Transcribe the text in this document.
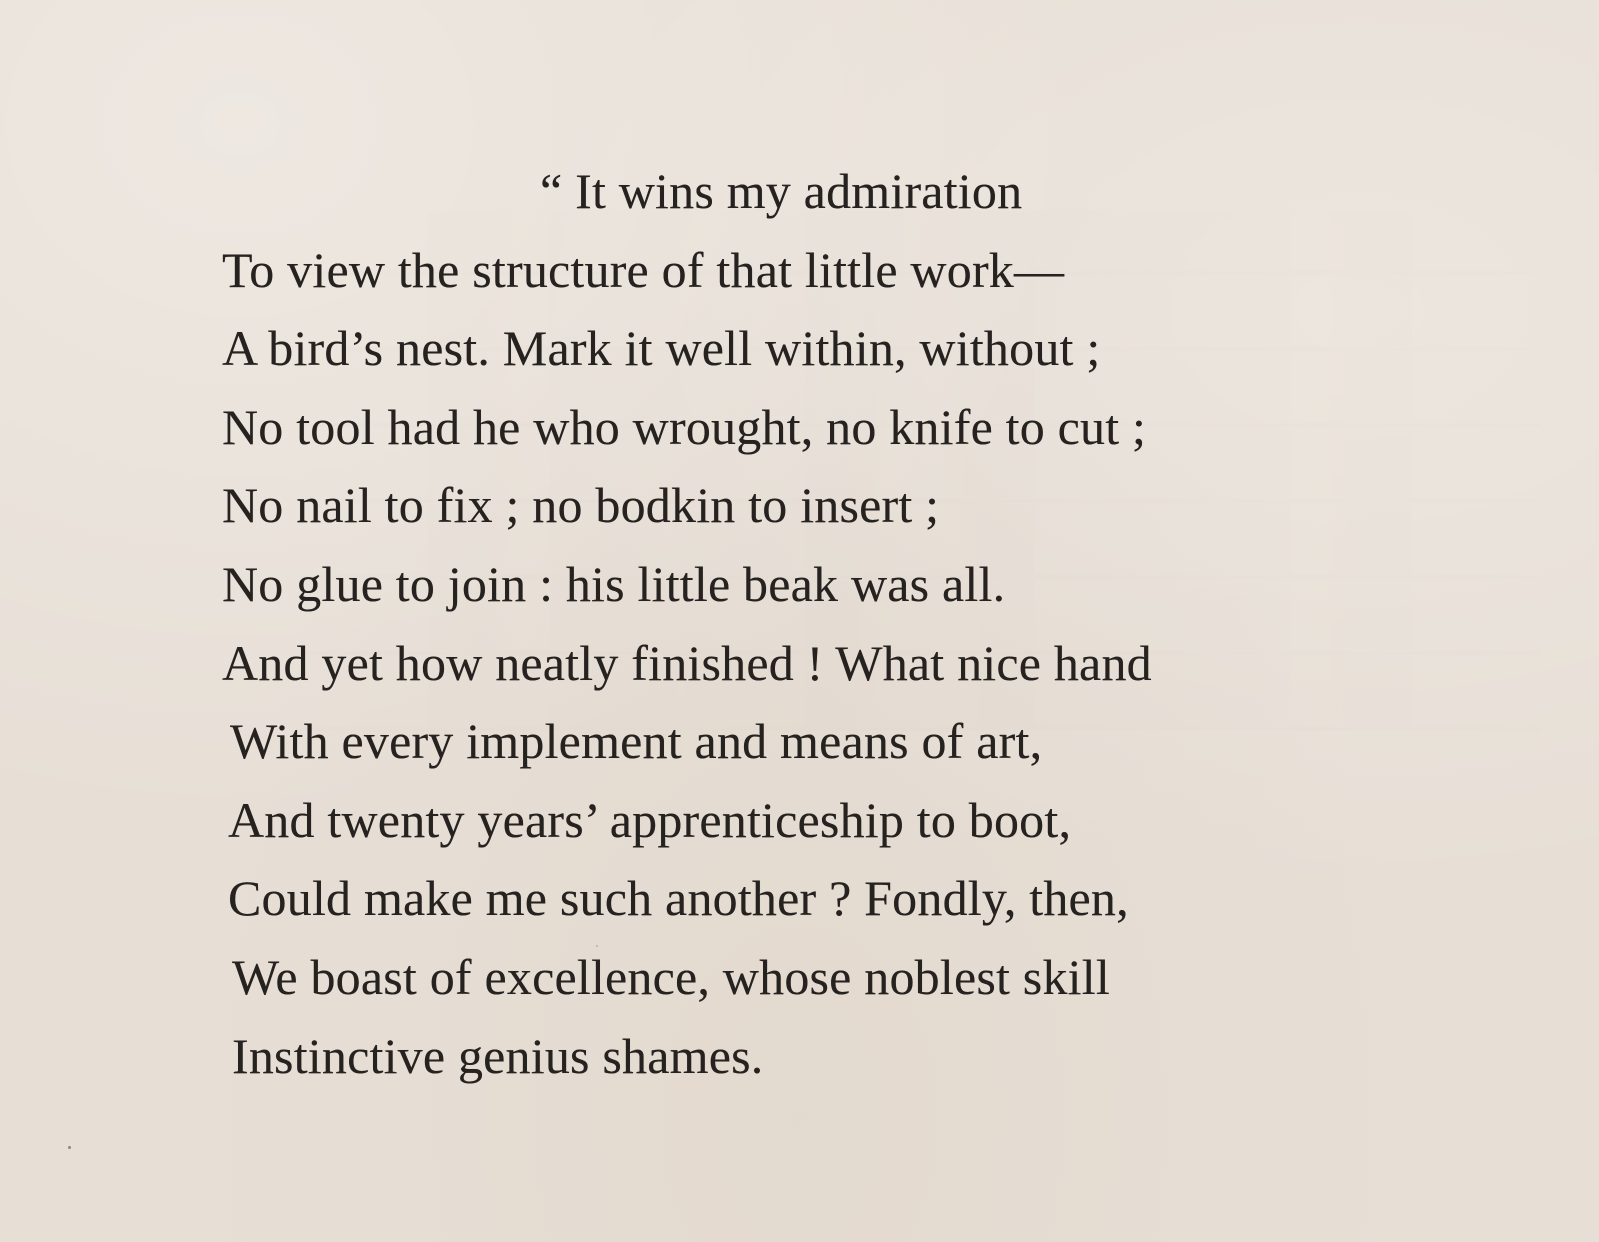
“ It wins my admiration
To view the structure of that little work—
A bird’s nest. Mark it well within, without ;
No tool had he who wrought, no knife to cut ;
No nail to fix ; no bodkin to insert ;
No glue to join : his little beak was all.
And yet how neatly finished ! What nice hand
With every implement and means of art,
And twenty years’ apprenticeship to boot,
Could make me such another ? Fondly, then,
We boast of excellence, whose noblest skill
Instinctive genius shames.
